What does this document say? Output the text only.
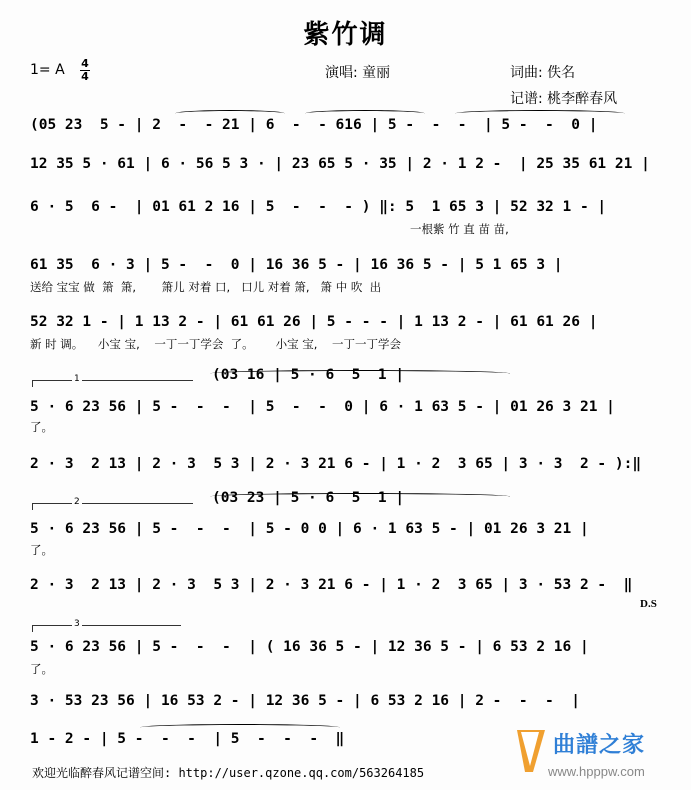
紫竹调
1= A 4
4	演唱: 童丽	词曲: 佚名
记谱: 桃李醉春风
(05 23  5 - | 2  -  - 21 | 6  -  - 616 | 5 -  -  -  | 5 -  -  0 |
12 35 5 · 61 | 6 · 56 5 3 · | 23 65 5 · 35 | 2 · 1 2 -  | 25 35 61 21 |
6 · 5  6 -  | 01 61 2 16 | 5  -  -  - ) ‖: 5  1 65 3 | 52 32 1 - |
一根紫 竹 直 苗 苗,
61 35  6 · 3 | 5 -  -  0 | 16 36 5 - | 16 36 5 - | 5 1 65 3 |
送给 宝宝 做  箫  箫,       箫儿 对着 口,   口儿 对着 箫,   箫 中 吹  出
52 32 1 - | 1 13 2 - | 61 61 26 | 5 - - - | 1 13 2 - | 61 61 26 |
新 时 调。    小宝 宝,    一丁一丁学会  了。      小宝 宝,    一丁一丁学会
1	(03 16 | 5 · 6  5  1 |
5 · 6 23 56 | 5 -  -  -  | 5  -  -  0 | 6 · 1 63 5 - | 01 26 3 21 |
了。
2 · 3  2 13 | 2 · 3  5 3 | 2 · 3 21 6 - | 1 · 2  3 65 | 3 · 3  2 - ):‖
2	(03 23 | 5 · 6  5  1 |
5 · 6 23 56 | 5 -  -  -  | 5 - 0 0 | 6 · 1 63 5 - | 01 26 3 21 |
了。
2 · 3  2 13 | 2 · 3  5 3 | 2 · 3 21 6 - | 1 · 2  3 65 | 3 · 53 2 -  ‖
D.S
3
5 · 6 23 56 | 5 -  -  -  | ( 16 36 5 - | 12 36 5 - | 6 53 2 16 |
了。
3 · 53 23 56 | 16 53 2 - | 12 36 5 - | 6 53 2 16 | 2 -  -  -  |
1 - 2 - | 5 -  -  -  | 5  -  -  -  ‖
欢迎光临醉春风记谱空间: http://user.qzone.qq.com/563264185
曲譜之家
www.hpppw.com
